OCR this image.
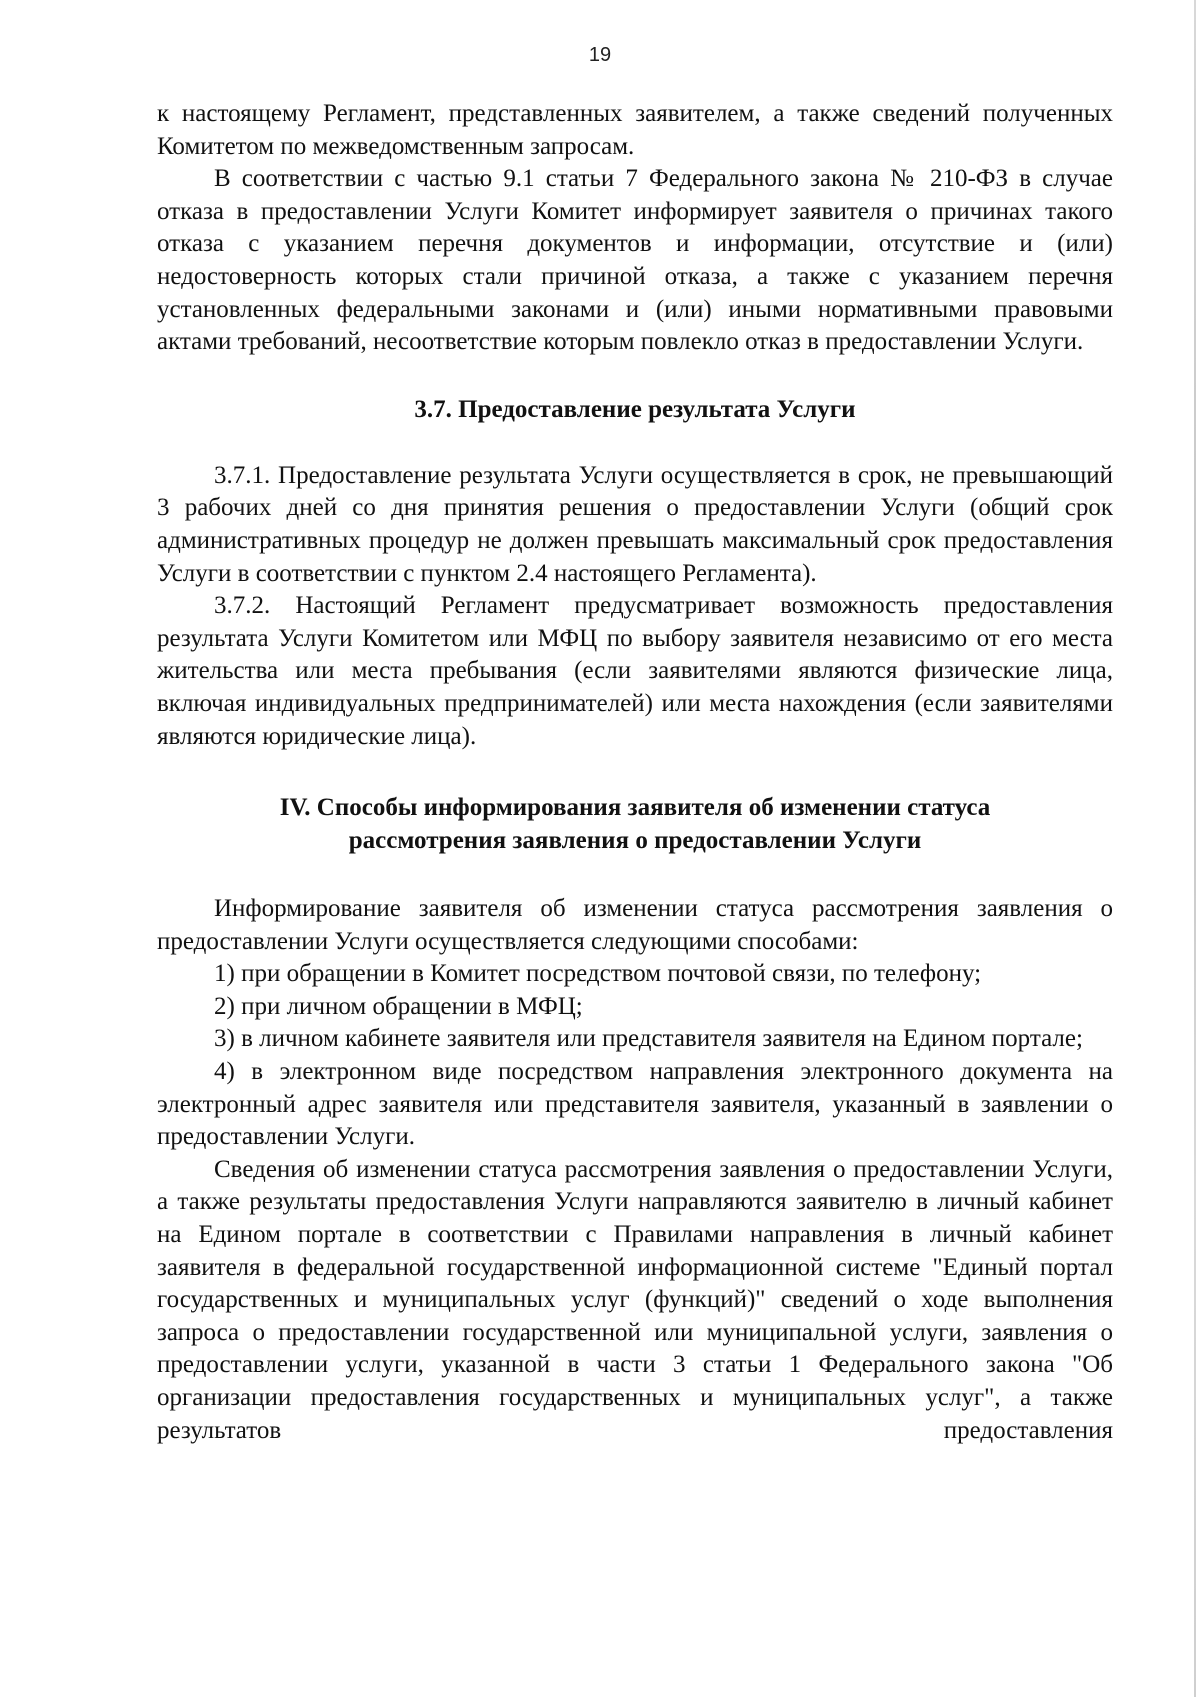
19

к настоящему Регламент, представленных заявителем, а также сведений полученных Комитетом по межведомственным запросам.

В соответствии с частью 9.1 статьи 7 Федерального закона № 210-ФЗ в случае отказа в предоставлении Услуги Комитет информирует заявителя о причинах такого отказа с указанием перечня документов и информации, отсутствие и (или) недостоверность которых стали причиной отказа, а также с указанием перечня установленных федеральными законами и (или) иными нормативными правовыми актами требований, несоответствие которым повлекло отказ в предоставлении Услуги.

3.7. Предоставление результата Услуги

3.7.1. Предоставление результата Услуги осуществляется в срок, не превышающий 3 рабочих дней со дня принятия решения о предоставлении Услуги (общий срок административных процедур не должен превышать максимальный срок предоставления Услуги в соответствии с пунктом 2.4 настоящего Регламента).

3.7.2. Настоящий Регламент предусматривает возможность предоставления результата Услуги Комитетом или МФЦ по выбору заявителя независимо от его места жительства или места пребывания (если заявителями являются физические лица, включая индивидуальных предпринимателей) или места нахождения (если заявителями являются юридические лица).

IV. Способы информирования заявителя об изменении статуса
рассмотрения заявления о предоставлении Услуги

Информирование заявителя об изменении статуса рассмотрения заявления о предоставлении Услуги осуществляется следующими способами:

1) при обращении в Комитет посредством почтовой связи, по телефону;

2) при личном обращении в МФЦ;

3) в личном кабинете заявителя или представителя заявителя на Едином портале;

4) в электронном виде посредством направления электронного документа на электронный адрес заявителя или представителя заявителя, указанный в заявлении о предоставлении Услуги.

Сведения об изменении статуса рассмотрения заявления о предоставлении Услуги, а также результаты предоставления Услуги направляются заявителю в личный кабинет на Едином портале в соответствии с Правилами направления в личный кабинет заявителя в федеральной государственной информационной системе "Единый портал государственных и муниципальных услуг (функций)" сведений о ходе выполнения запроса о предоставлении государственной или муниципальной услуги, заявления о предоставлении услуги, указанной в части 3 статьи 1 Федерального закона "Об организации предоставления государственных и муниципальных услуг", а также результатов предоставления
